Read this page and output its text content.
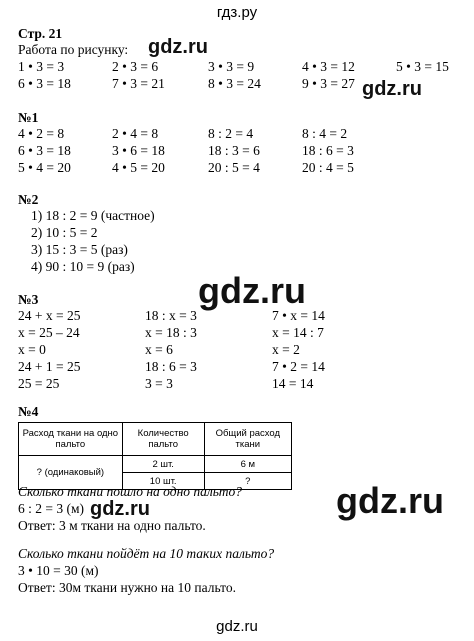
гдз.ру
Стр. 21
Работа по рисунку:
1 • 3 = 3	2 • 3 = 6	3 • 3 = 9	4 • 3 = 12	5 • 3 = 15
6 • 3 = 18	7 • 3 = 21	8 • 3 = 24	9 • 3 = 27
gdz.ru
gdz.ru
№1
4 • 2 = 8	2 • 4 = 8	8 : 2 = 4	8 : 4 = 2
6 • 3 = 18	3 • 6 = 18	18 : 3 = 6	18 : 6 = 3
5 • 4 = 20	4 • 5 = 20	20 : 5 = 4	20 : 4 = 5
№2
1) 18 : 2 = 9 (частное)
2) 10 : 5 = 2
3) 15 : 3 = 5 (раз)
4) 90 : 10 = 9 (раз)
gdz.ru
№3
24 + x = 25
x = 25 – 24
x = 0
24 + 1 = 25
25 = 25
18 : x = 3
x = 18 : 3
x = 6
18 : 6 = 3
3 = 3
7 • x = 14
x = 14 : 7
x = 2
7 • 2 = 14
14 = 14
№4
Расход ткани на одно пальто	Количество пальто	Общий расход ткани
? (одинаковый)	2 шт.	6 м
	10 шт.	?
Сколько ткани пошло на одно пальто?
6 : 2 = 3 (м)
Ответ: 3 м ткани на одно пальто.
gdz.ru	gdz.ru
Сколько ткани пойдёт на 10 таких пальто?
3 • 10 = 30 (м)
Ответ: 30м ткани нужно на 10 пальто.
gdz.ru
